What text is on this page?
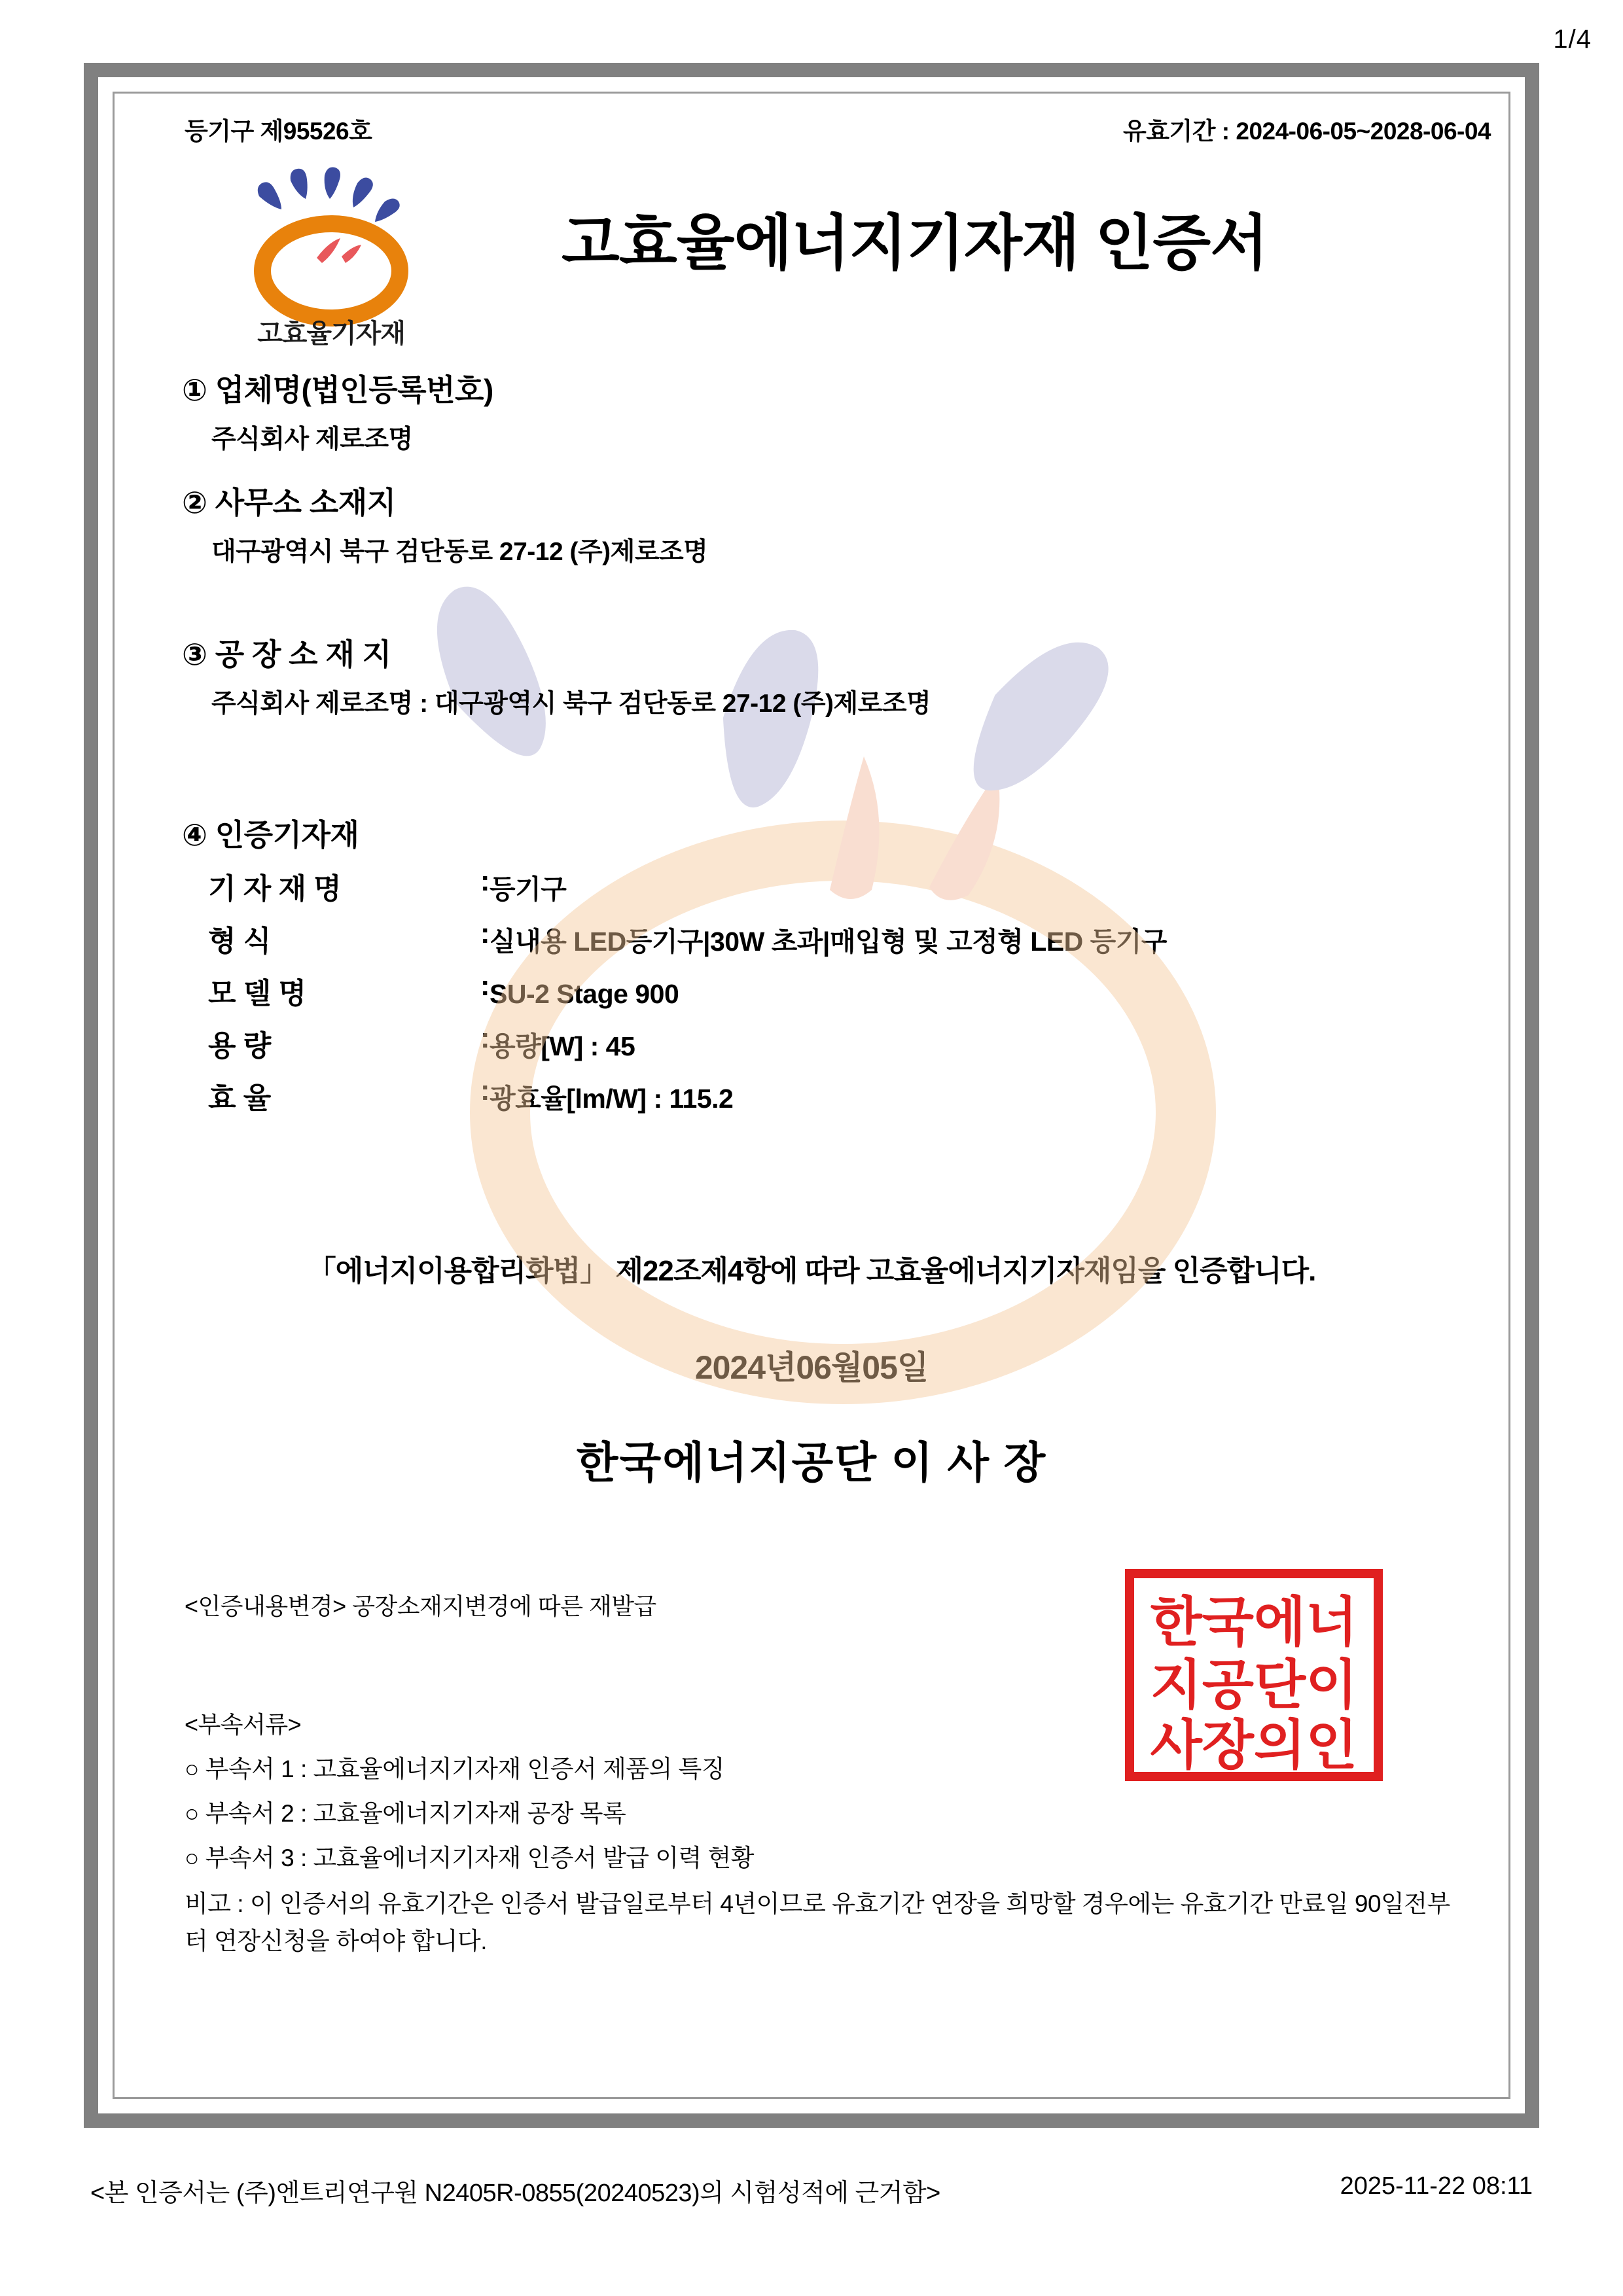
1/4
등기구 제95526호	유효기간 : 2024-06-05~2028-06-04
고효율기자재
고효율에너지기자재 인증서
① 업체명(법인등록번호)
주식회사 제로조명
② 사무소 소재지
대구광역시 북구 검단동로 27-12 (주)제로조명
③ 공 장 소 재 지
주식회사 제로조명 : 대구광역시 북구 검단동로 27-12 (주)제로조명
④ 인증기자재
기 자 재 명	: 등기구
형 식	: 실내용 LED등기구|30W 초과|매입형 및 고정형 LED 등기구
모 델 명	: SU-2 Stage 900
용 량	: 용량[W] : 45
효 율	: 광효율[lm/W] : 115.2
「에너지이용합리화법」 제22조제4항에 따라 고효율에너지기자재임을 인증합니다.
2024년06월05일
한국에너지공단 이 사 장
한국에너
지공단이
사장의인
<인증내용변경> 공장소재지변경에 따른 재발급
<부속서류>
○ 부속서 1 : 고효율에너지기자재 인증서 제품의 특징
○ 부속서 2 : 고효율에너지기자재 공장 목록
○ 부속서 3 : 고효율에너지기자재 인증서 발급 이력 현황
비고 : 이 인증서의 유효기간은 인증서 발급일로부터 4년이므로 유효기간 연장을 희망할 경우에는 유효기간 만료일 90일전부터 연장신청을 하여야 합니다.
<본 인증서는 (주)엔트리연구원 N2405R-0855(20240523)의 시험성적에 근거함>	2025-11-22 08:11
